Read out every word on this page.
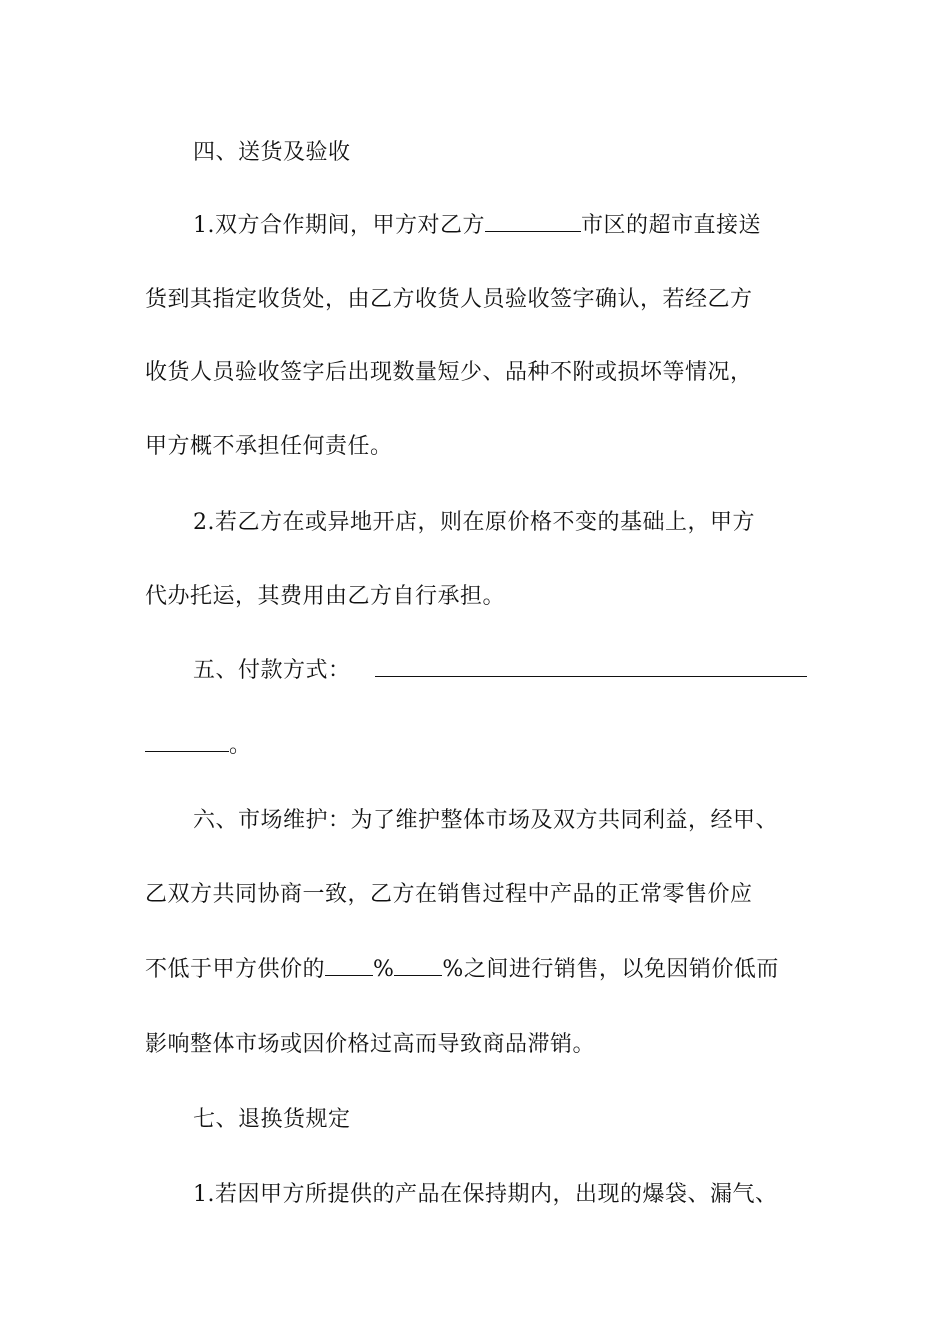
四、送货及验收
1.双方合作期间，甲方对乙方	市区的超市直接送
货到其指定收货处，由乙方收货人员验收签字确认，若经乙方
收货人员验收签字后出现数量短少、品种不附或损坏等情况，
甲方概不承担任何责任。
2.若乙方在或异地开店，则在原价格不变的基础上，甲方
代办托运，其费用由乙方自行承担。
五、付款方式：
。
六、市场维护：为了维护整体市场及双方共同利益，经甲、
乙双方共同协商一致，乙方在销售过程中产品的正常零售价应
不低于甲方供价的 % %之间进行销售，以免因销价低而
影响整体市场或因价格过高而导致商品滞销。
七、退换货规定
1.若因甲方所提供的产品在保持期内，出现的爆袋、漏气、
